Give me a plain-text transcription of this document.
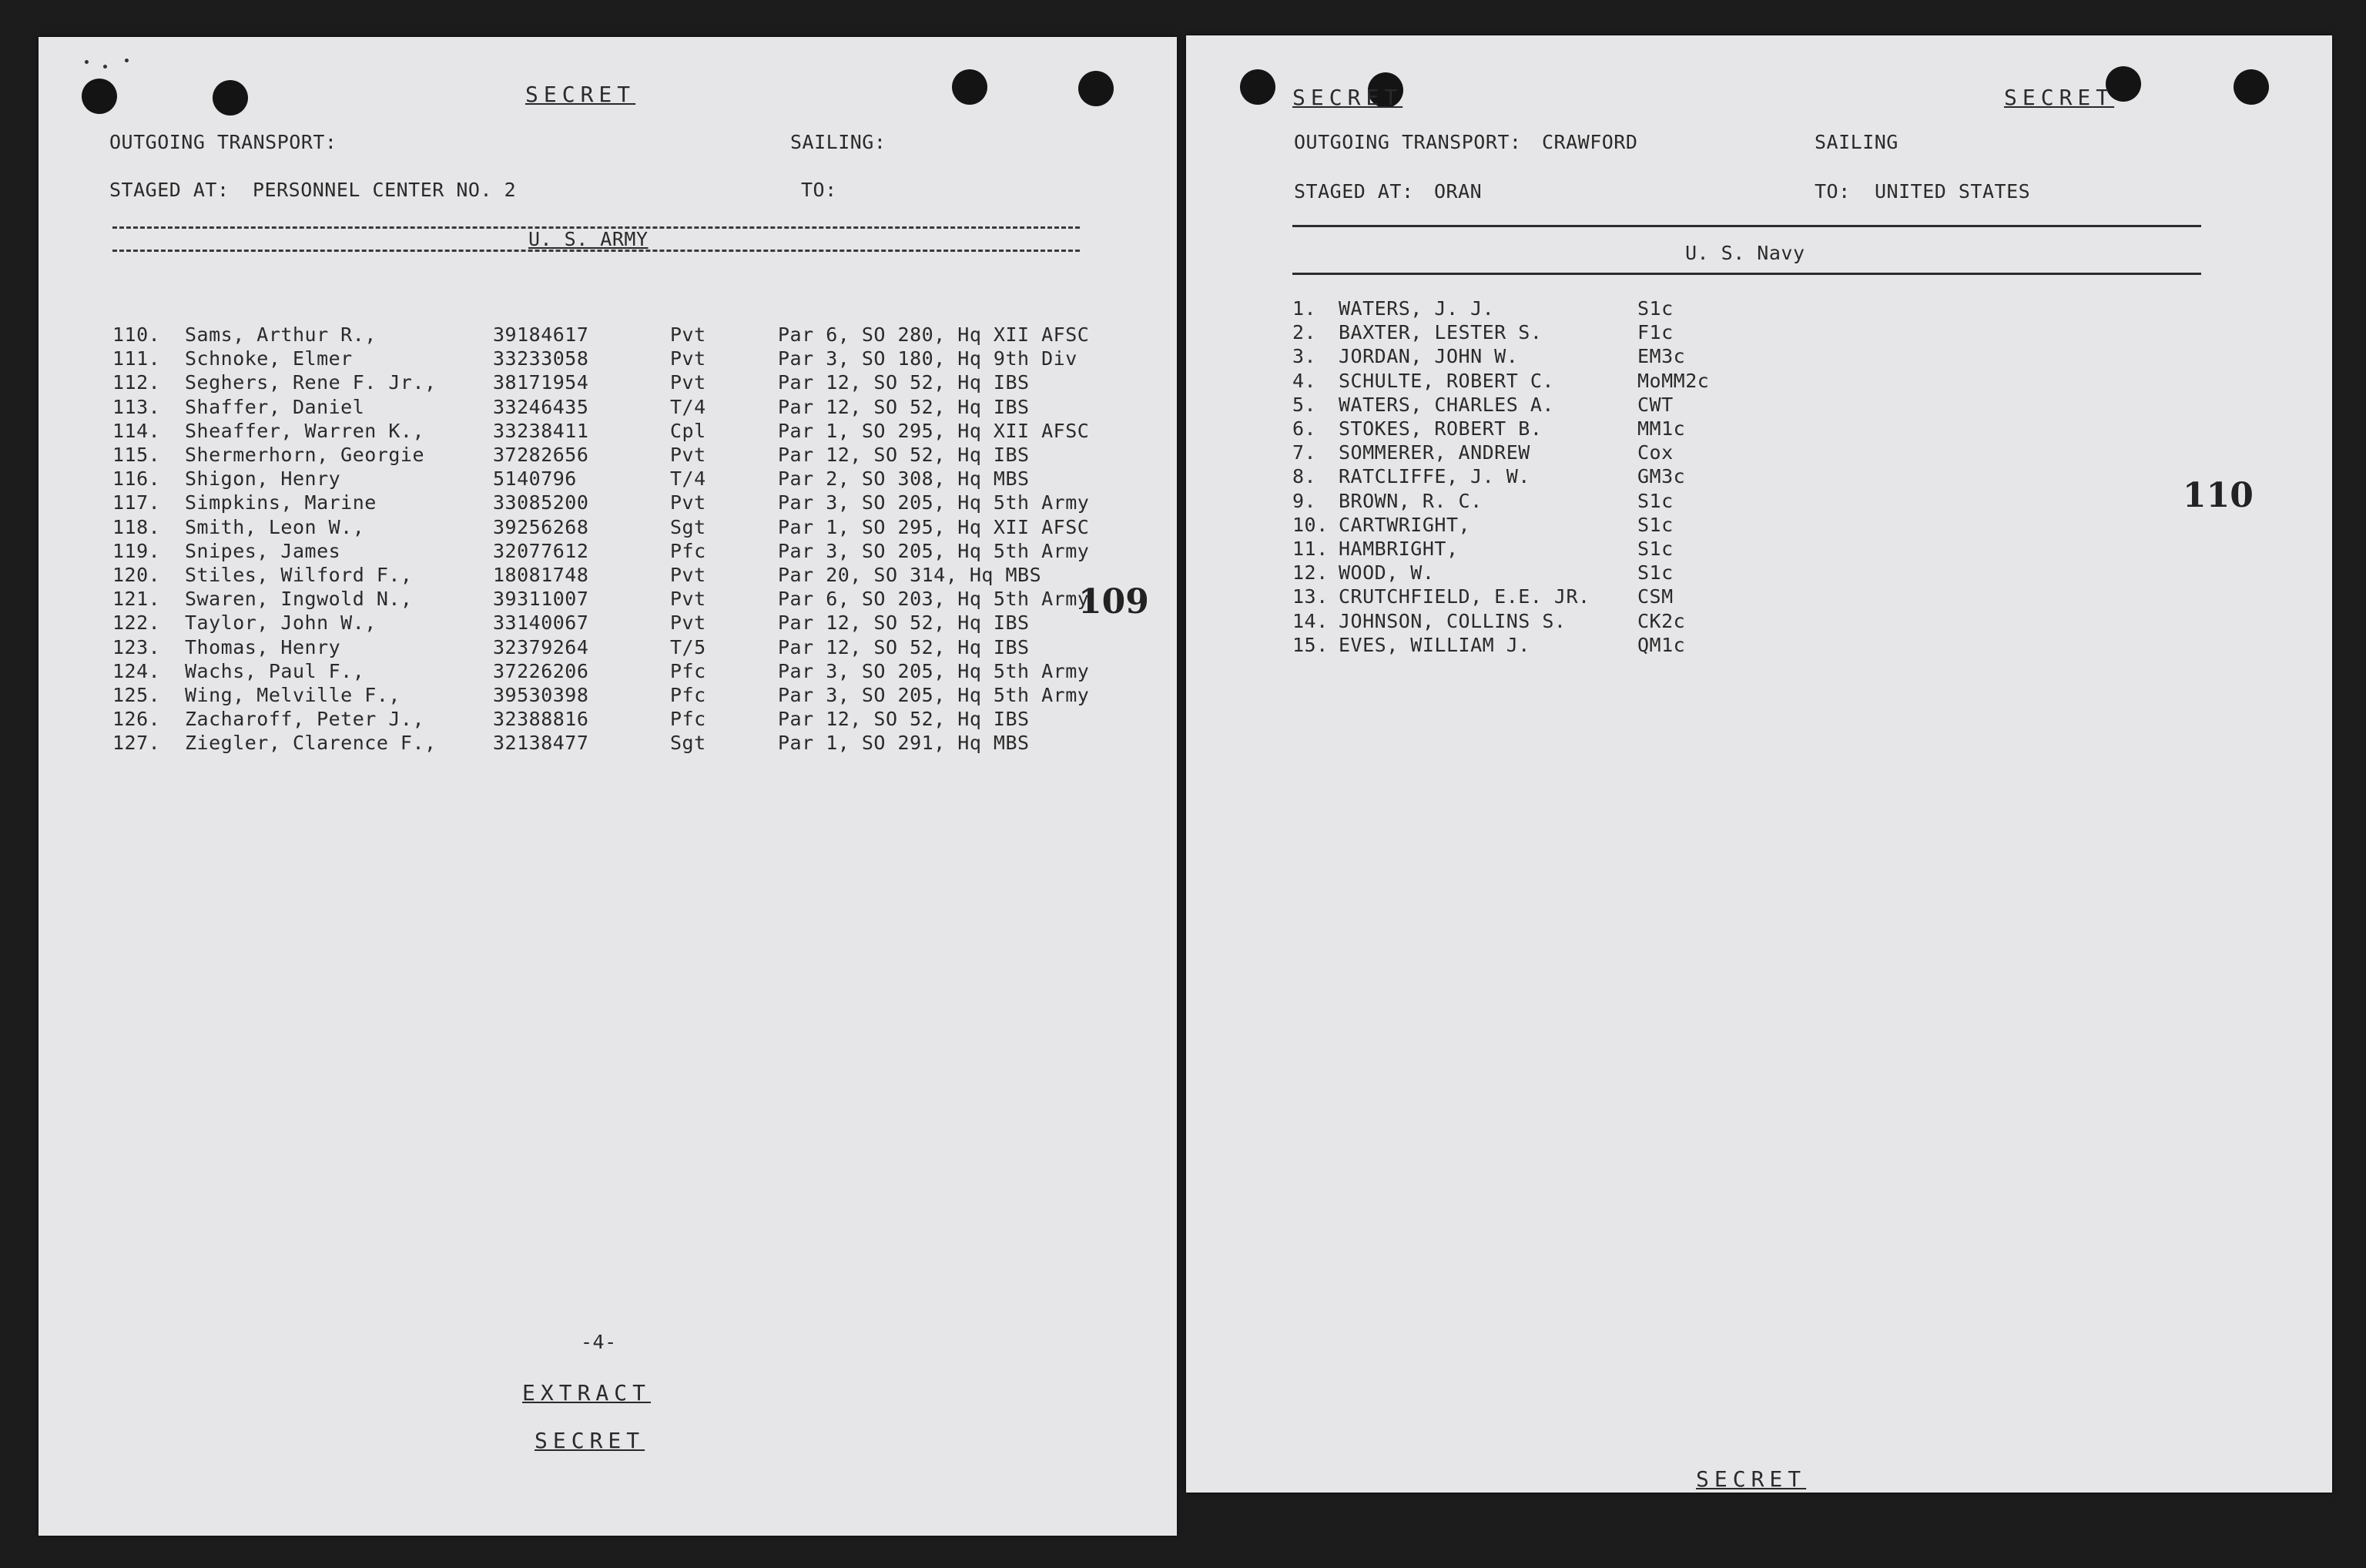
SECRET
OUTGOING TRANSPORT:	SAILING:
STAGED AT: PERSONNEL CENTER NO. 2	TO:
U. S. ARMY
110. Sams, Arthur R.,	39184617	Pvt	Par 6, SO 280, Hq XII AFSC
111. Schnoke, Elmer	33233058	Pvt	Par 3, SO 180, Hq 9th Div
112. Seghers, Rene F. Jr.,	38171954	Pvt	Par 12, SO 52, Hq IBS
113. Shaffer, Daniel	33246435	T/4	Par 12, SO 52, Hq IBS
114. Sheaffer, Warren K.,	33238411	Cpl	Par 1, SO 295, Hq XII AFSC
115. Shermerhorn, Georgie	37282656	Pvt	Par 12, SO 52, Hq IBS
116. Shigon, Henry	5140796	T/4	Par 2, SO 308, Hq MBS
117. Simpkins, Marine	33085200	Pvt	Par 3, SO 205, Hq 5th Army
118. Smith, Leon W.,	39256268	Sgt	Par 1, SO 295, Hq XII AFSC
119. Snipes, James	32077612	Pfc	Par 3, SO 205, Hq 5th Army
120. Stiles, Wilford F.,	18081748	Pvt	Par 20, SO 314, Hq MBS
121. Swaren, Ingwold N.,	39311007	Pvt	Par 6, SO 203, Hq 5th Army
122. Taylor, John W.,	33140067	Pvt	Par 12, SO 52, Hq IBS
123. Thomas, Henry	32379264	T/5	Par 12, SO 52, Hq IBS
124. Wachs, Paul F.,	37226206	Pfc	Par 3, SO 205, Hq 5th Army
125. Wing, Melville F.,	39530398	Pfc	Par 3, SO 205, Hq 5th Army
126. Zacharoff, Peter J.,	32388816	Pfc	Par 12, SO 52, Hq IBS
127. Ziegler, Clarence F.,	32138477	Sgt	Par 1, SO 291, Hq MBS
109
-4-
EXTRACT
SECRET
SECRET	SECRET
OUTGOING TRANSPORT: CRAWFORD	SAILING
STAGED AT: ORAN	TO: UNITED STATES
U. S. Navy
1. WATERS, J. J.	S1c
2. BAXTER, LESTER S.	F1c
3. JORDAN, JOHN W.	EM3c
4. SCHULTE, ROBERT C.	MoMM2c
5. WATERS, CHARLES A.	CWT
6. STOKES, ROBERT B.	MM1c
7. SOMMERER, ANDREW	Cox
8. RATCLIFFE, J. W.	GM3c
9. BROWN, R. C.	S1c
10. CARTWRIGHT,	S1c
11. HAMBRIGHT,	S1c
12. WOOD, W.	S1c
13. CRUTCHFIELD, E.E. JR. CSM
14. JOHNSON, COLLINS S.	CK2c
15. EVES, WILLIAM J.	QM1c
110
SECRET
